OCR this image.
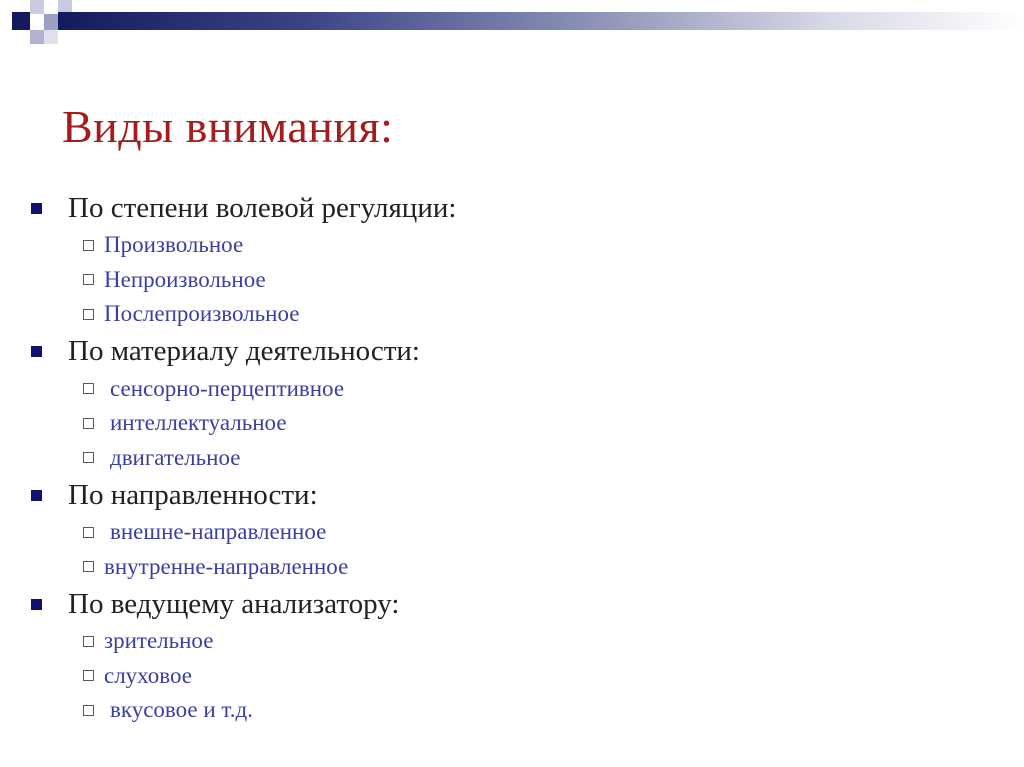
Виды внимания:
По степени волевой регуляции:
Произвольное
Непроизвольное
Послепроизвольное
По материалу деятельности:
сенсорно-перцептивное
интеллектуальное
двигательное
По направленности:
внешне-направленное
внутренне-направленное
По ведущему анализатору:
зрительное
слуховое
вкусовое и т.д.
